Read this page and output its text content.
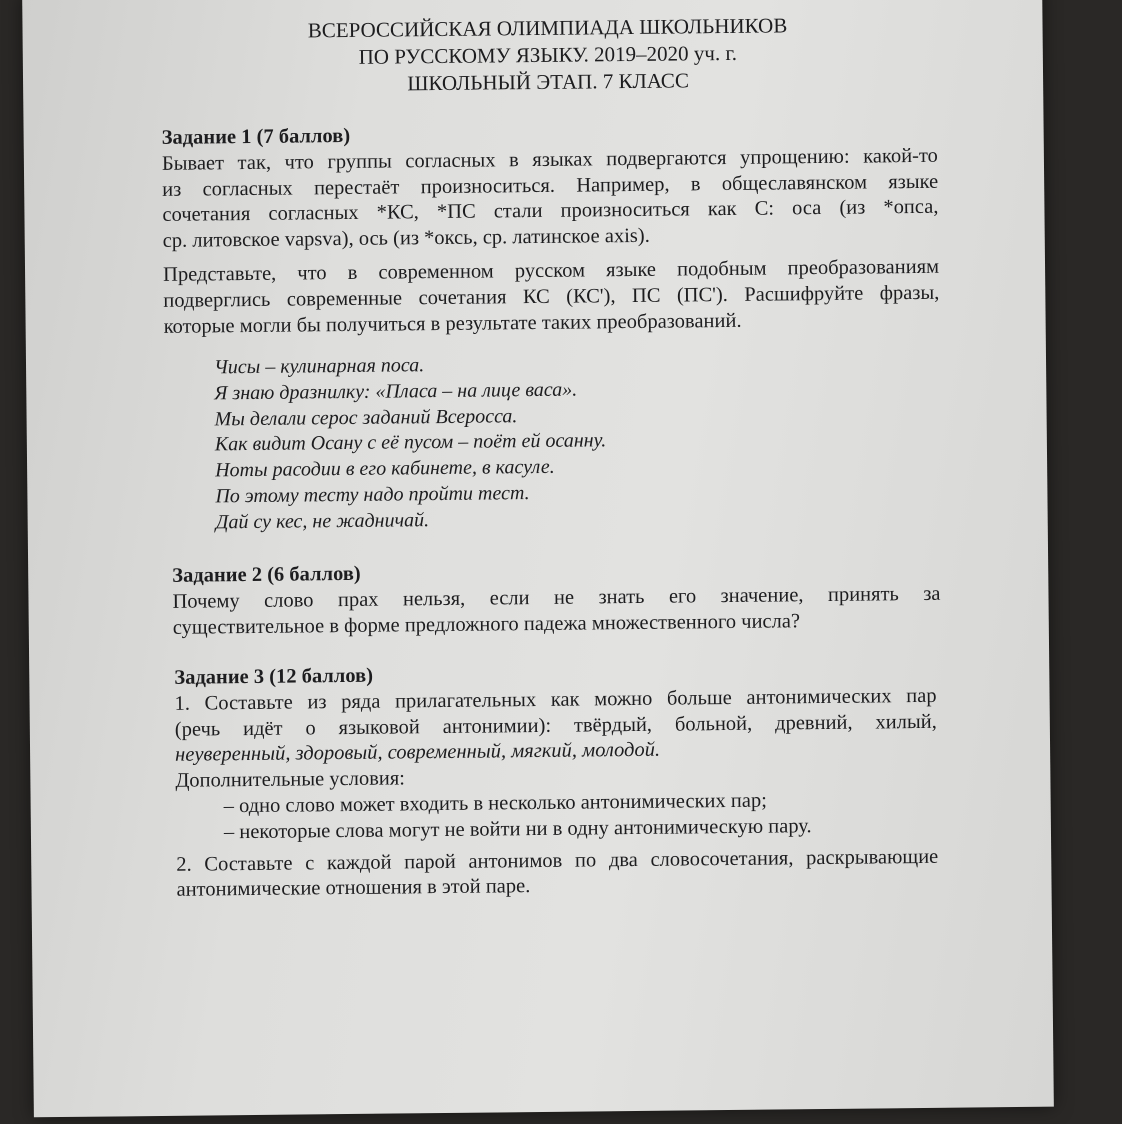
ВСЕРОССИЙСКАЯ ОЛИМПИАДА ШКОЛЬНИКОВ
ПО РУССКОМУ ЯЗЫКУ. 2019–2020 уч. г.
ШКОЛЬНЫЙ ЭТАП. 7 КЛАСС
Задание 1 (7 баллов)

Бывает так, что группы согласных в языках подвергаются упрощению: какой-то

из согласных перестаёт произноситься. Например, в общеславянском языке

сочетания согласных *КС, *ПС стали произноситься как С: оса (из *опса,

ср. литовское vapsva), ось (из *оксь, ср. латинское axis).

Представьте, что в современном русском языке подобным преобразованиям

подверглись современные сочетания КС (КС'), ПС (ПС'). Расшифруйте фразы,

которые могли бы получиться в результате таких преобразований.

Чисы – кулинарная поса.
Я знаю дразнилку: «Пласа – на лице васа».
Мы делали серос заданий Всеросса.
Как видит Осану с её пусом – поёт ей осанну.
Ноты расодии в его кабинете, в касуле.
По этому тесту надо пройти тест.
Дай су кес, не жадничай.
Задание 2 (6 баллов)

Почему слово прах нельзя, если не знать его значение, принять за

существительное в форме предложного падежа множественного числа?

Задание 3 (12 баллов)

1. Составьте из ряда прилагательных как можно больше антонимических пар

(речь идёт о языковой антонимии): твёрдый, больной, древний, хилый,

неуверенный, здоровый, современный, мягкий, молодой.

Дополнительные условия:

– одно слово может входить в несколько антонимических пар;

– некоторые слова могут не войти ни в одну антонимическую пару.

2. Составьте с каждой парой антонимов по два словосочетания, раскрывающие

антонимические отношения в этой паре.
